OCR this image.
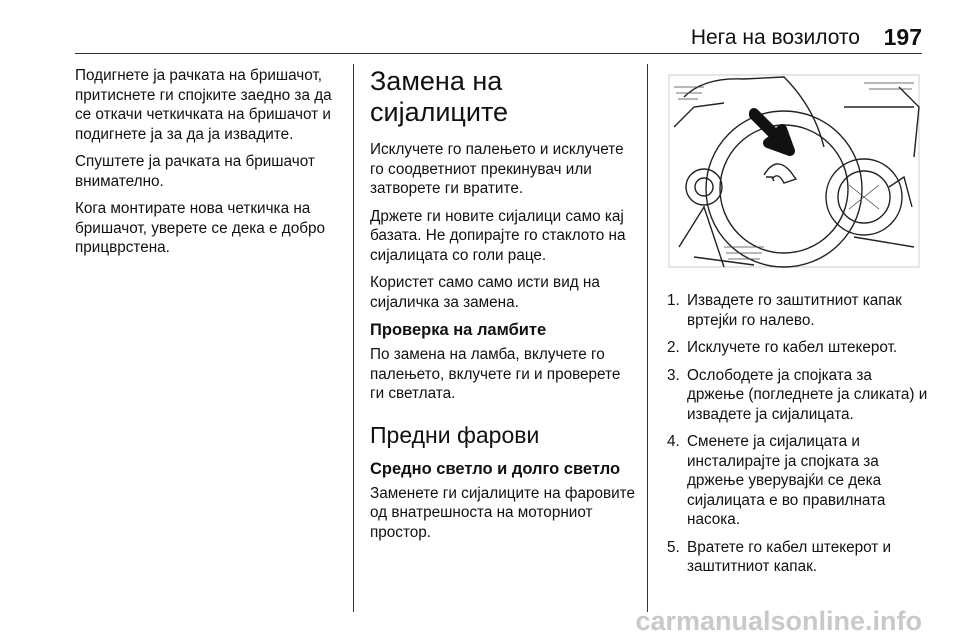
Нега на возилото 197

Подигнете ја рачката на бришачот, притиснете ги спојките заедно за да се откачи четкичката на бришачот и подигнете ја за да ја извадите.

Спуштете ја рачката на бришачот внимателно.

Кога монтирате нова четкичка на бришачот, уверете се дека е добро прицврстена.

Замена на сијалиците

Исклучете го палењето и исклучете го соодветниот прекинувач или затворете ги вратите.

Држете ги новите сијалици само кај базата. Не допирајте го стаклото на сијалицата со голи раце.

Користет само само исти вид на сијаличка за замена.

Проверка на ламбите

По замена на ламба, вклучете го палењето, вклучете ги и проверете ги светлата.

Предни фарови
Средно светло и долго светло

Заменете ги сијалиците на фаровите од внатрешноста на моторниот простор.

1. Извадете го заштитниот капак вртејќи го налево.
2. Исклучете го кабел штекерот.
3. Ослободете ја спојката за држење (погледнете ја сликата) и извадете ја сијалицата.
4. Сменете ја сијалицата и инсталирајте ја спојката за држење уверувајќи се дека сијалицата е во правилната насока.
5. Вратете го кабел штекерот и заштитниот капак.
carmanualsonline.info
